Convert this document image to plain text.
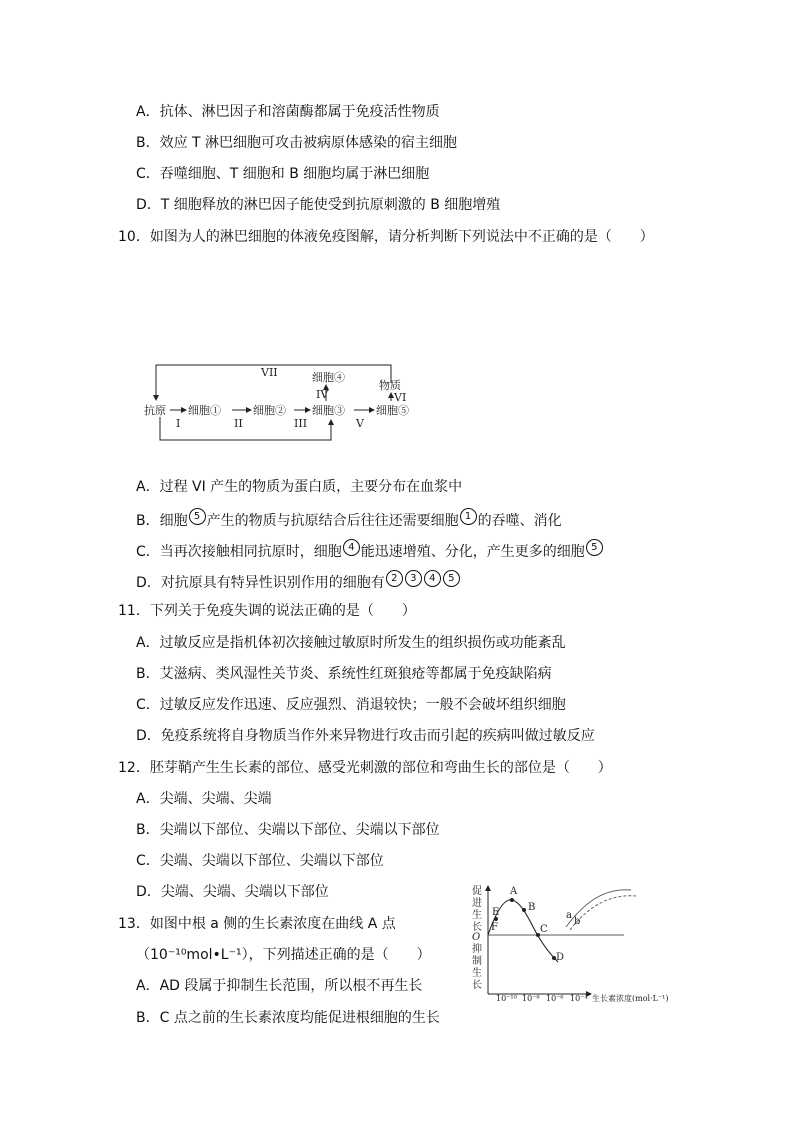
A．抗体、淋巴因子和溶菌酶都属于免疫活性物质
B．效应 T 淋巴细胞可攻击被病原体感染的宿主细胞
C．吞噬细胞、T 细胞和 B 细胞均属于淋巴细胞
D．T 细胞释放的淋巴因子能使受到抗原刺激的 B 细胞增殖
10．如图为人的淋巴细胞的体液免疫图解，请分析判断下列说法中不正确的是（　　）
VII
抗原 细胞①	细胞② 细胞③
细胞④
细胞⑤
物质
I	II	III	V
IV	VI
A．过程 VI 产生的物质为蛋白质，主要分布在血浆中
B．细胞 5 产生的物质与抗原结合后往往还需要细胞 1 的吞噬、消化
C．当再次接触相同抗原时，细胞 4 能迅速增殖、分化，产生更多的细胞 5
D．对抗原具有特异性识别作用的细胞有 2 3 4 5
11．下列关于免疫失调的说法正确的是（　　）
A．过敏反应是指机体初次接触过敏原时所发生的组织损伤或功能紊乱
B．艾滋病、类风湿性关节炎、系统性红斑狼疮等都属于免疫缺陷病
C．过敏反应发作迅速、反应强烈、消退较快；一般不会破坏组织细胞
D．免疫系统将自身物质当作外来异物进行攻击而引起的疾病叫做过敏反应
12．胚芽鞘产生生长素的部位、感受光刺激的部位和弯曲生长的部位是（　　）
A．尖端、尖端、尖端
B．尖端以下部位、尖端以下部位、尖端以下部位
C．尖端、尖端以下部位、尖端以下部位
D．尖端、尖端、尖端以下部位
13．如图中根 a 侧的生长素浓度在曲线 A 点
（10⁻¹⁰mol•L⁻¹），下列描述正确的是（　　）
A．AD 段属于抑制生长范围，所以根不再生长
B．C 点之前的生长素浓度均能促进根细胞的生长
促
进
生
长
O
抑
制
生
长
10⁻¹⁰ 10⁻⁸ 10⁻⁶ 10⁻⁴ 生长素浓度(mol·L⁻¹)
E
A
B
C
D
F
a
b
